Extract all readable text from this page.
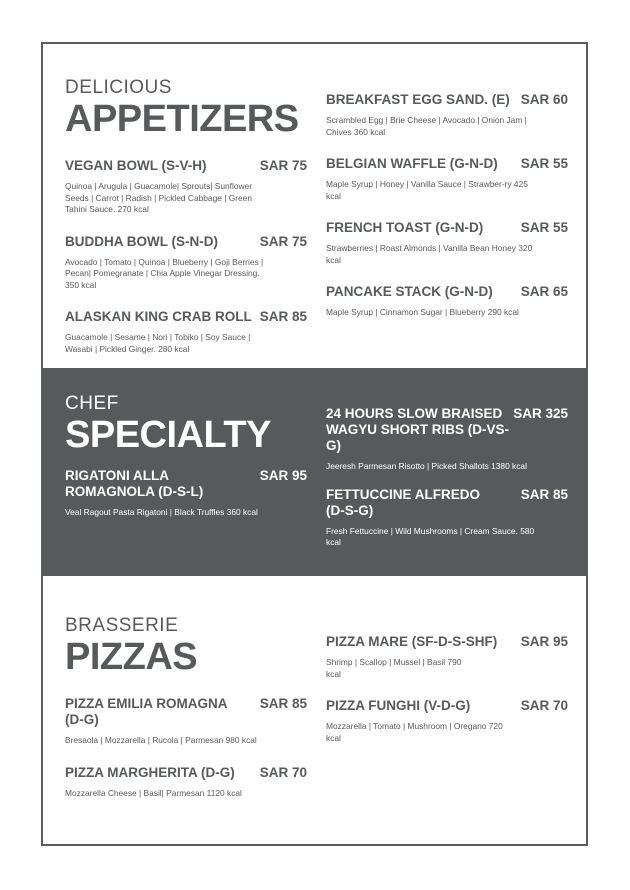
DELICIOUS
APPETIZERS
VEGAN BOWL (S-V-H)	SAR 75
Quinoa | Arugula | Guacamole| Sprouts| Sunflower Seeds | Carrot | Radish | Pickled Cabbage | Green Tahini Sauce. 270 kcal
BUDDHA BOWL (S-N-D)	SAR 75
Avocado | Tomato | Quinoa | Blueberry | Goji Berries | Pecan| Pomegranate | Chia Apple Vinegar Dressing. 350 kcal
ALASKAN KING CRAB ROLL SAR 85
Guacamole | Sesame | Nori | Tobiko | Soy Sauce | Wasabi | Pickled Ginger. 280 kcal
BREAKFAST EGG SAND. (E) SAR 60
Scrambled Egg | Brie Cheese | Avocado | Onion Jam | Chives 360 kcal
BELGIAN WAFFLE (G-N-D) SAR 55
Maple Syrup | Honey | Vanilla Sauce | Strawber-ry 425 kcal
FRENCH TOAST (G-N-D)	SAR 55
Strawberries | Roast Almonds | Vanilla Bean Honey 320 kcal
PANCAKE STACK (G-N-D) SAR 65
Maple Syrup | Cinnamon Sugar | Blueberry 290 kcal
CHEF
SPECIALTY
RIGATONI ALLA ROMAGNOLA (D-S-L)
SAR 95
Veal Ragout Pasta Rigatoni | Black Truffles 360 kcal
24 HOURS SLOW BRAISED WAGYU SHORT RIBS (D-VS-G)
SAR 325
Jeeresh Parmesan Risotto | Picked Shallots 1380 kcal
FETTUCCINE ALFREDO (D-S-G)
SAR 85
Fresh Fettuccine | Wild Mushrooms | Cream Sauce. 580 kcal
BRASSERIE
PIZZAS
PIZZA EMILIA ROMAGNA (D-G)
SAR 85
Bresaola | Mozzarella | Rucola | Parmesan 980 kcal
PIZZA MARGHERITA (D-G) SAR 70
Mozzarella Cheese | Basil| Parmesan 1120 kcal
PIZZA MARE (SF-D-S-SHF) SAR 95
Shrimp | Scallop | Mussel | Basil 790 kcal
PIZZA FUNGHI (V-D-G)	SAR 70
Mozzarella | Tomato | Mushroom | Oregano 720 kcal
